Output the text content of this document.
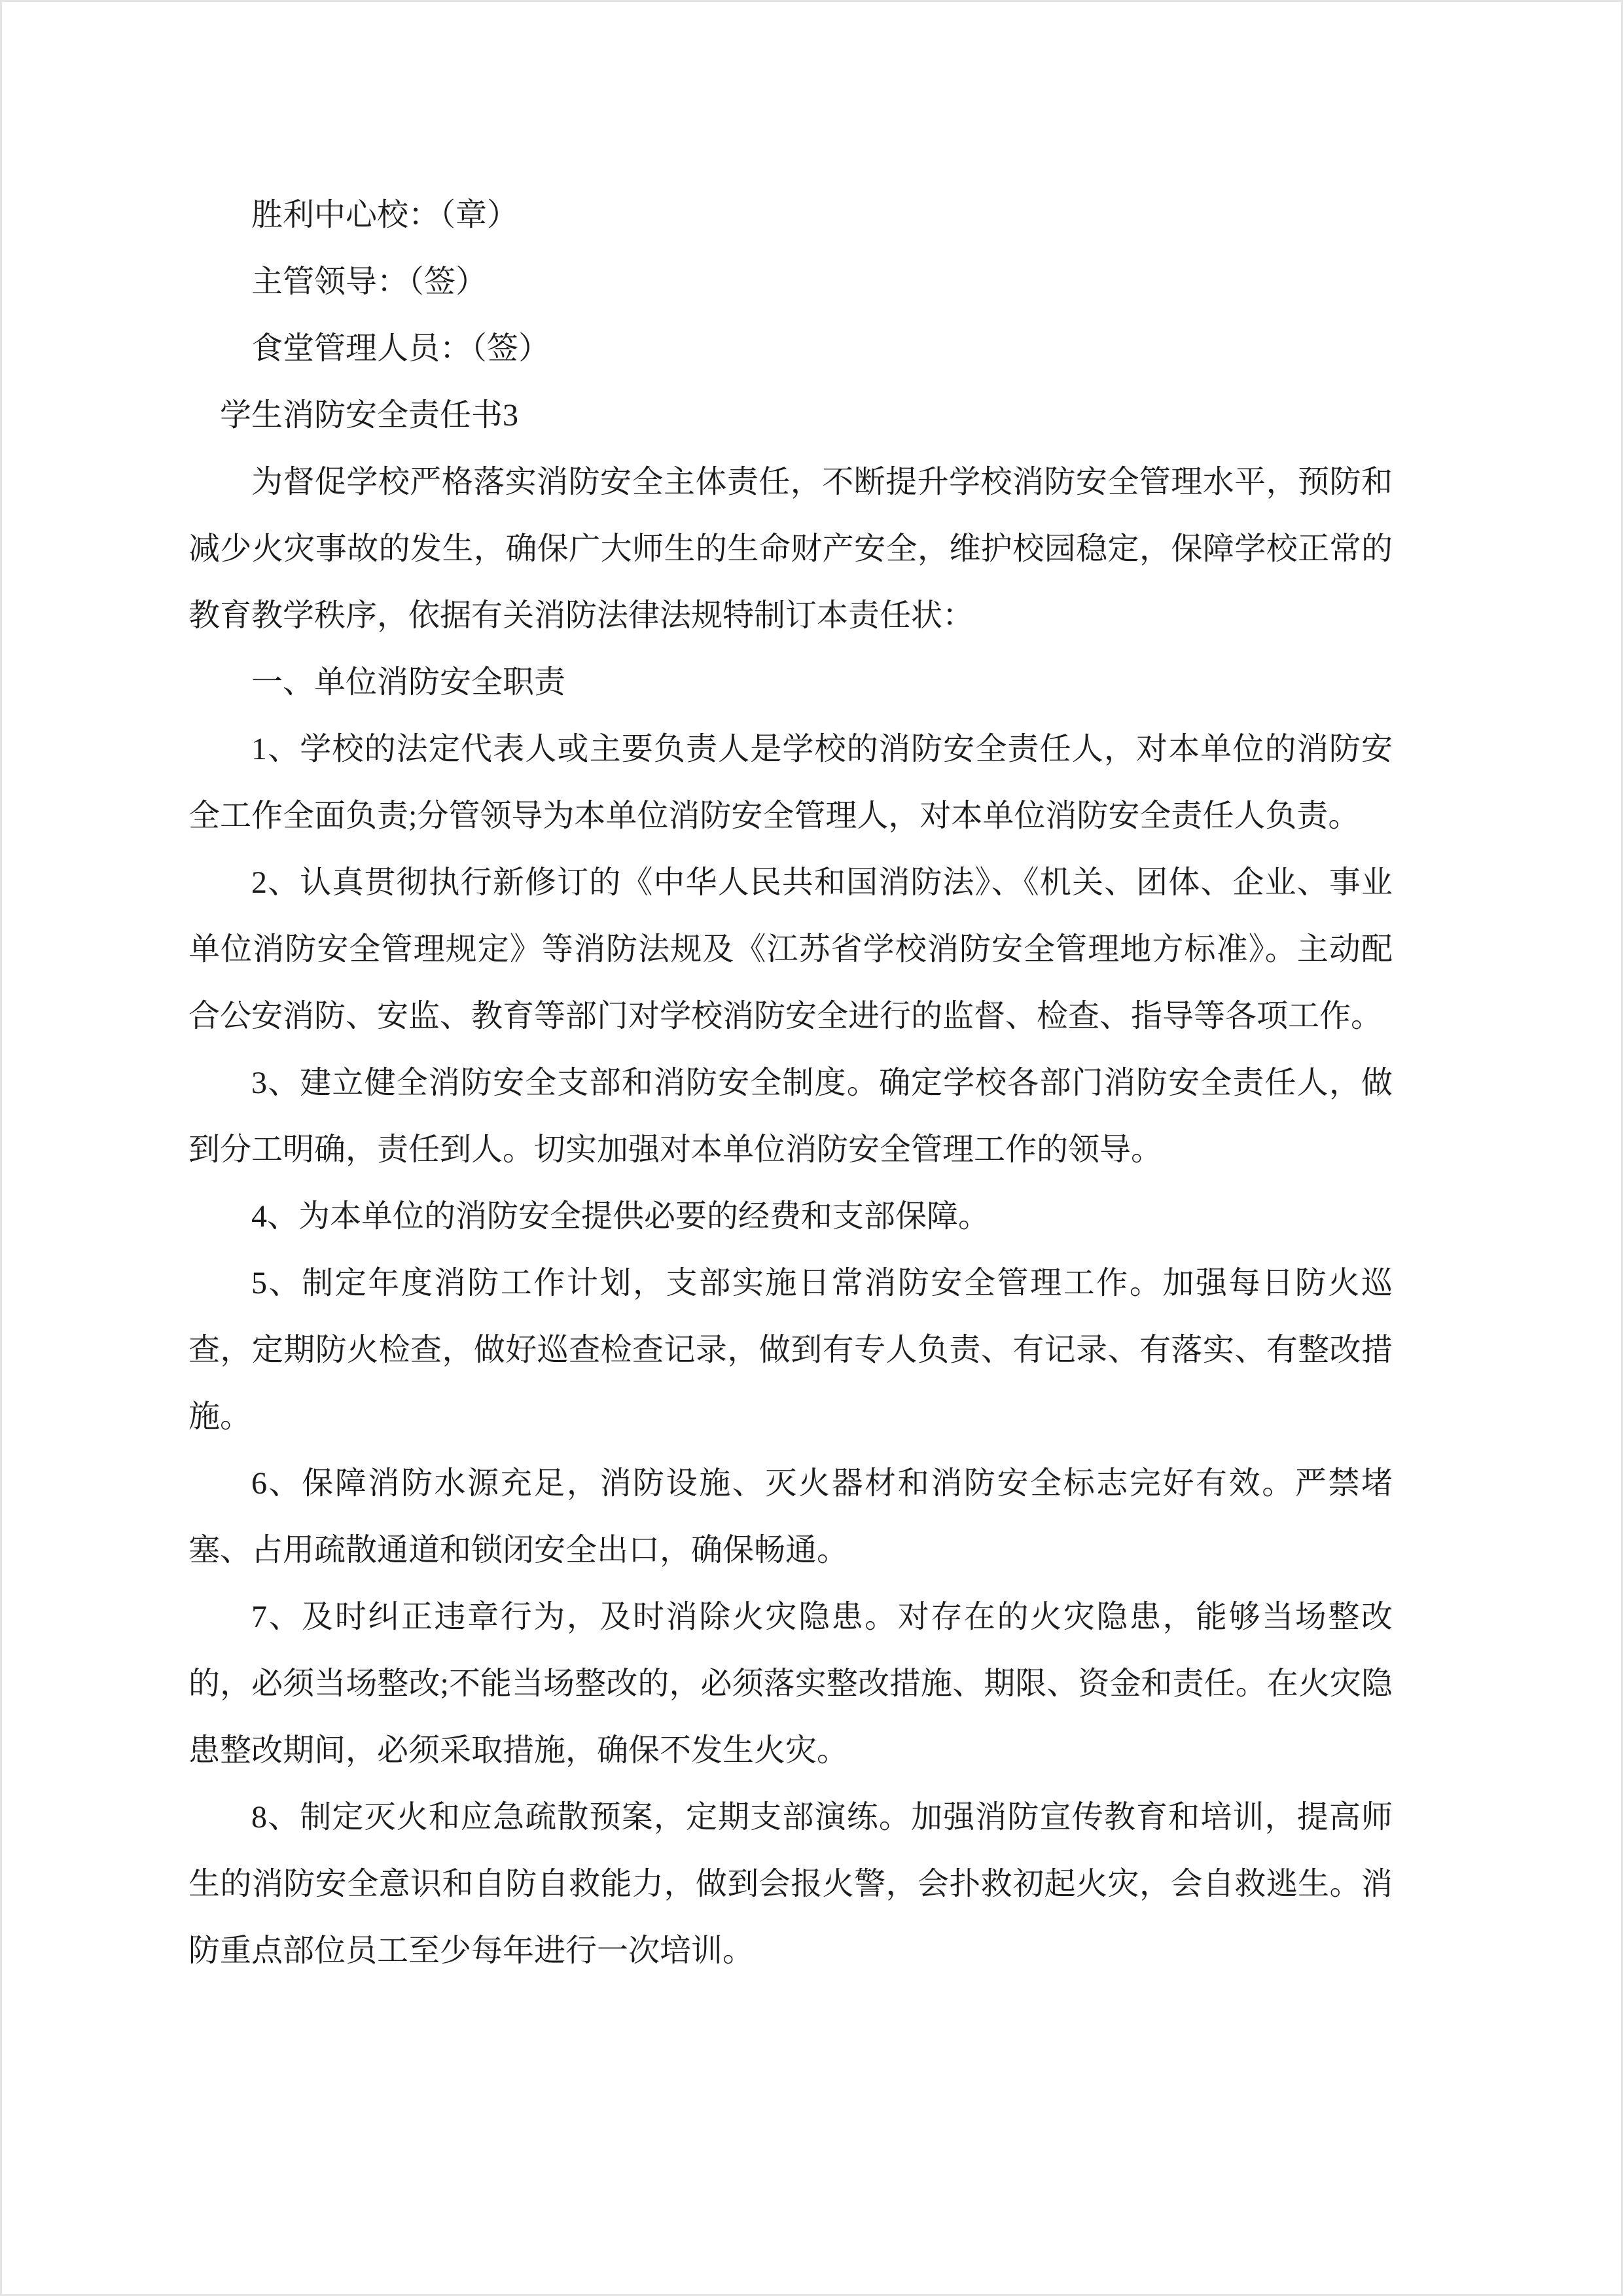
胜利中心校：（章）

主管领导：（签）

食堂管理人员：（签）

学生消防安全责任书3

为督促学校严格落实消防安全主体责任，不断提升学校消防安全管理水平，预防和减少火灾事故的发生，确保广大师生的生命财产安全，维护校园稳定，保障学校正常的教育教学秩序，依据有关消防法律法规特制订本责任状：

一、单位消防安全职责

1、学校的法定代表人或主要负责人是学校的消防安全责任人，对本单位的消防安全工作全面负责;分管领导为本单位消防安全管理人，对本单位消防安全责任人负责。

2、认真贯彻执行新修订的《中华人民共和国消防法》、《机关、团体、企业、事业单位消防安全管理规定》等消防法规及《江苏省学校消防安全管理地方标准》。主动配合公安消防、安监、教育等部门对学校消防安全进行的监督、检查、指导等各项工作。

3、建立健全消防安全支部和消防安全制度。确定学校各部门消防安全责任人，做到分工明确，责任到人。切实加强对本单位消防安全管理工作的领导。

4、为本单位的消防安全提供必要的经费和支部保障。

5、制定年度消防工作计划，支部实施日常消防安全管理工作。加强每日防火巡查，定期防火检查，做好巡查检查记录，做到有专人负责、有记录、有落实、有整改措施。

6、保障消防水源充足，消防设施、灭火器材和消防安全标志完好有效。严禁堵塞、占用疏散通道和锁闭安全出口，确保畅通。

7、及时纠正违章行为，及时消除火灾隐患。对存在的火灾隐患，能够当场整改的，必须当场整改;不能当场整改的，必须落实整改措施、期限、资金和责任。在火灾隐患整改期间，必须采取措施，确保不发生火灾。

8、制定灭火和应急疏散预案，定期支部演练。加强消防宣传教育和培训，提高师生的消防安全意识和自防自救能力，做到会报火警，会扑救初起火灾，会自救逃生。消防重点部位员工至少每年进行一次培训。
